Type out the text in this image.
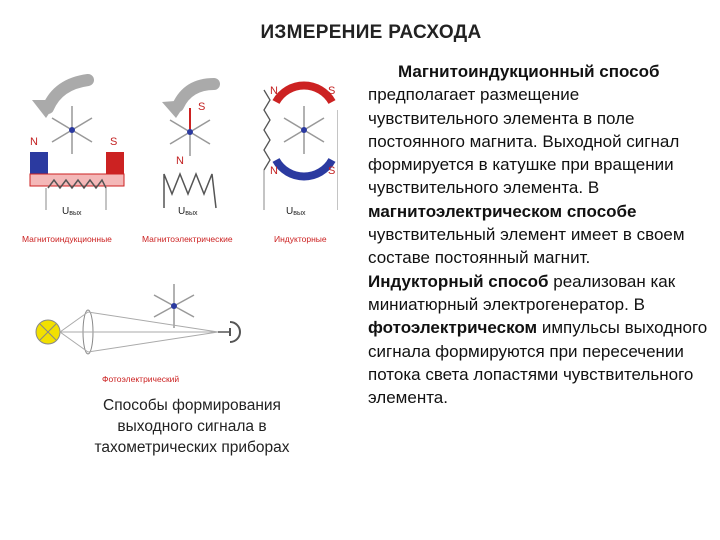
ИЗМЕРЕНИЕ РАСХОДА
Магнитоиндукционный способ предполагает размещение чувствительного элемента в поле постоянного магнита. Выходной сигнал формируется в катушке при вращении чувствительного элемента. В магнитоэлектрическом способе чувствительный элемент имеет в своем составе постоянный магнит. Индукторный способ реализован как миниатюрный электрогенератор. В фотоэлектрическом импульсы выходного сигнала формируются при пересечении потока света лопастями чувствительного элемента.
N	S
Uвых
Магнитоиндукционные
S
N
Uвых
Магнитоэлектрические
N	S
N	S
Uвых
Индукторные
Фотоэлектрический
Способы формирования
выходного сигнала в
тахометрических приборах
